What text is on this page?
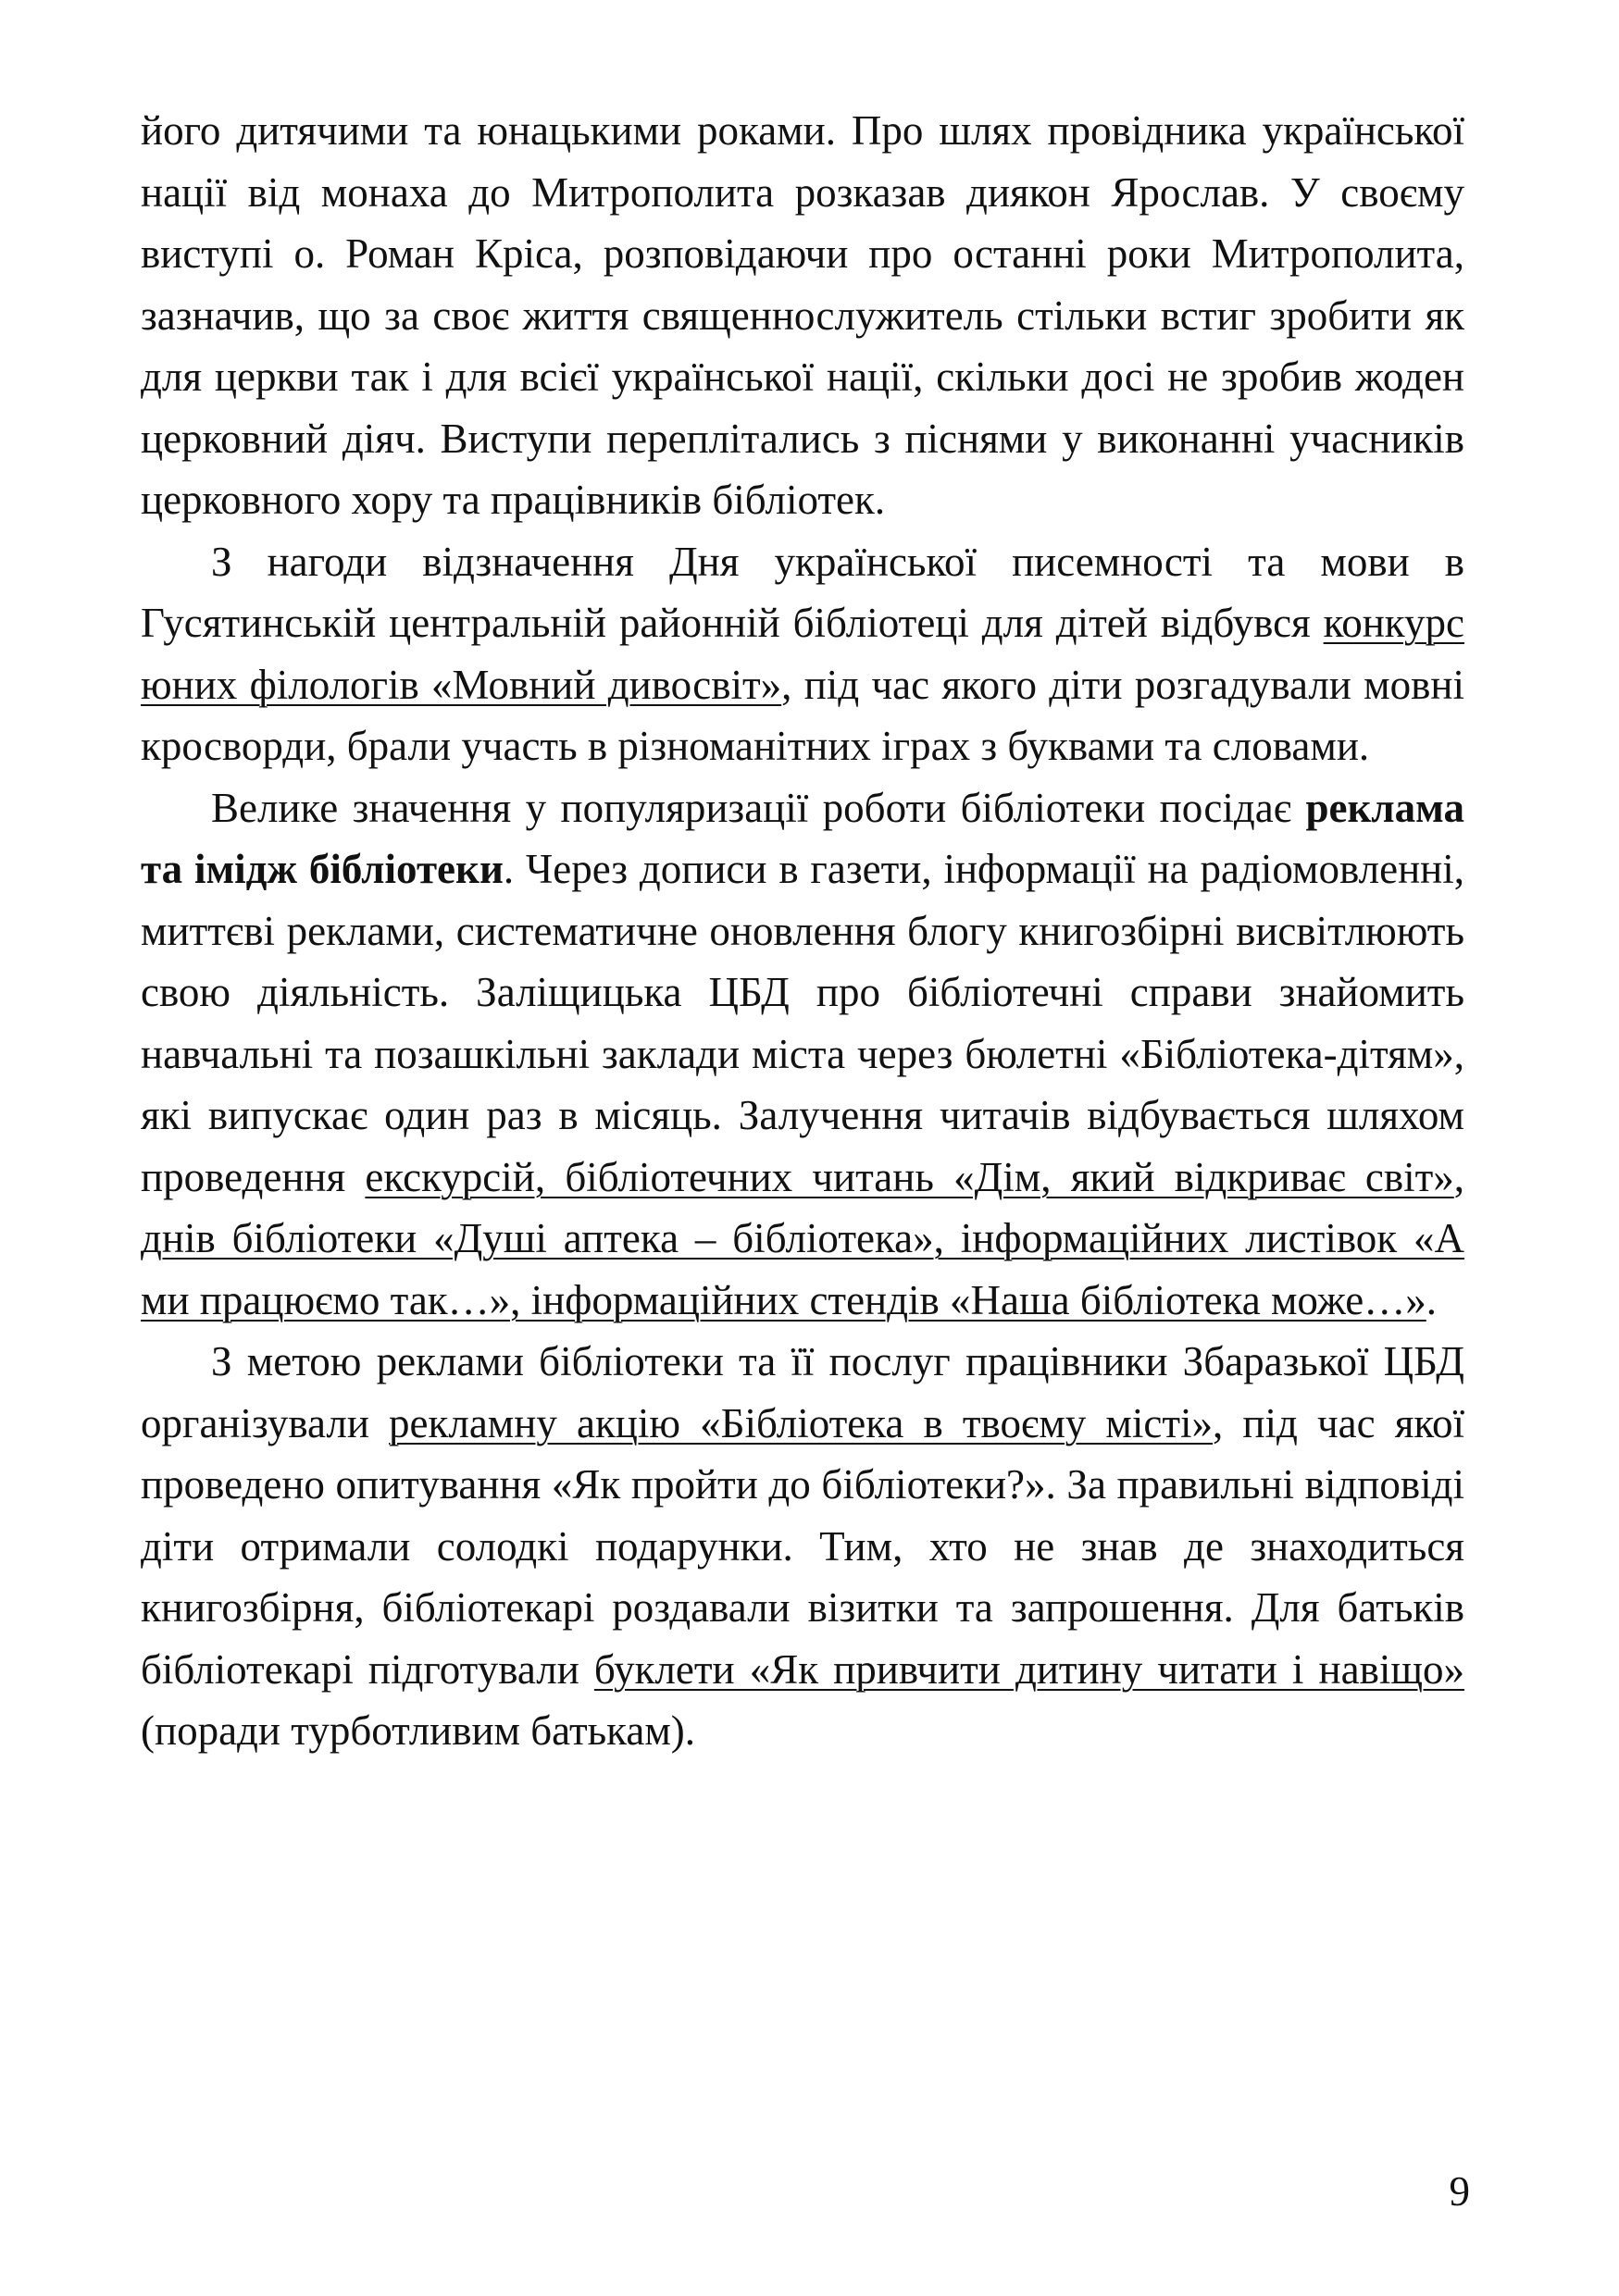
його дитячими та юнацькими роками. Про шлях провідника української нації від монаха до Митрополита розказав диякон Ярослав. У своєму виступі о. Роман Кріса, розповідаючи про останні роки Митрополита, зазначив, що за своє життя священнослужитель стільки встиг зробити як для церкви так і для всієї української нації, скільки досі не зробив жоден церковний діяч. Виступи переплітались з піснями у виконанні учасників церковного хору та працівників бібліотек.

З нагоди відзначення Дня української писемності та мови в Гусятинській центральній районній бібліотеці для дітей відбувся конкурс юних філологів «Мовний дивосвіт», під час якого діти розгадували мовні кросворди, брали участь в різноманітних іграх з буквами та словами.

Велике значення у популяризації роботи бібліотеки посідає реклама та імідж бібліотеки. Через дописи в газети, інформації на радіомовленні, миттєві реклами, систематичне оновлення блогу книгозбірні висвітлюють свою діяльність. Заліщицька ЦБД про бібліотечні справи знайомить навчальні та позашкільні заклади міста через бюлетні «Бібліотека-дітям», які випускає один раз в місяць. Залучення читачів відбувається шляхом проведення екскурсій, бібліотечних читань «Дім, який відкриває світ», днів бібліотеки «Душі аптека – бібліотека», інформаційних листівок «А ми працюємо так…», інформаційних стендів «Наша бібліотека може…».

З метою реклами бібліотеки та її послуг працівники Збаразької ЦБД організували рекламну акцію «Бібліотека в твоєму місті», під час якої проведено опитування «Як пройти до бібліотеки?». За правильні відповіді діти отримали солодкі подарунки. Тим, хто не знав де знаходиться книгозбірня, бібліотекарі роздавали візитки та запрошення. Для батьків бібліотекарі підготували буклети «Як привчити дитину читати і навіщо» (поради турботливим батькам).

9
